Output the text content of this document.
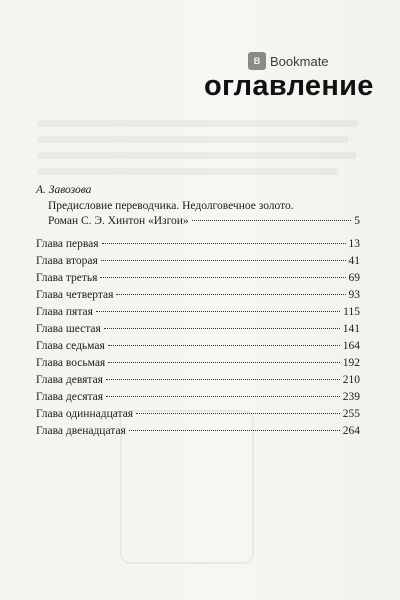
B Bookmate
оглавление
А. Завозова
Предисловие переводчика. Недолговечное золото.
Роман С. Э. Хинтон «Изгои»	5
Глава первая	13
Глава вторая	41
Глава третья	69
Глава четвертая	93
Глава пятая	115
Глава шестая	141
Глава седьмая	164
Глава восьмая	192
Глава девятая	210
Глава десятая	239
Глава одиннадцатая	255
Глава двенадцатая	264
